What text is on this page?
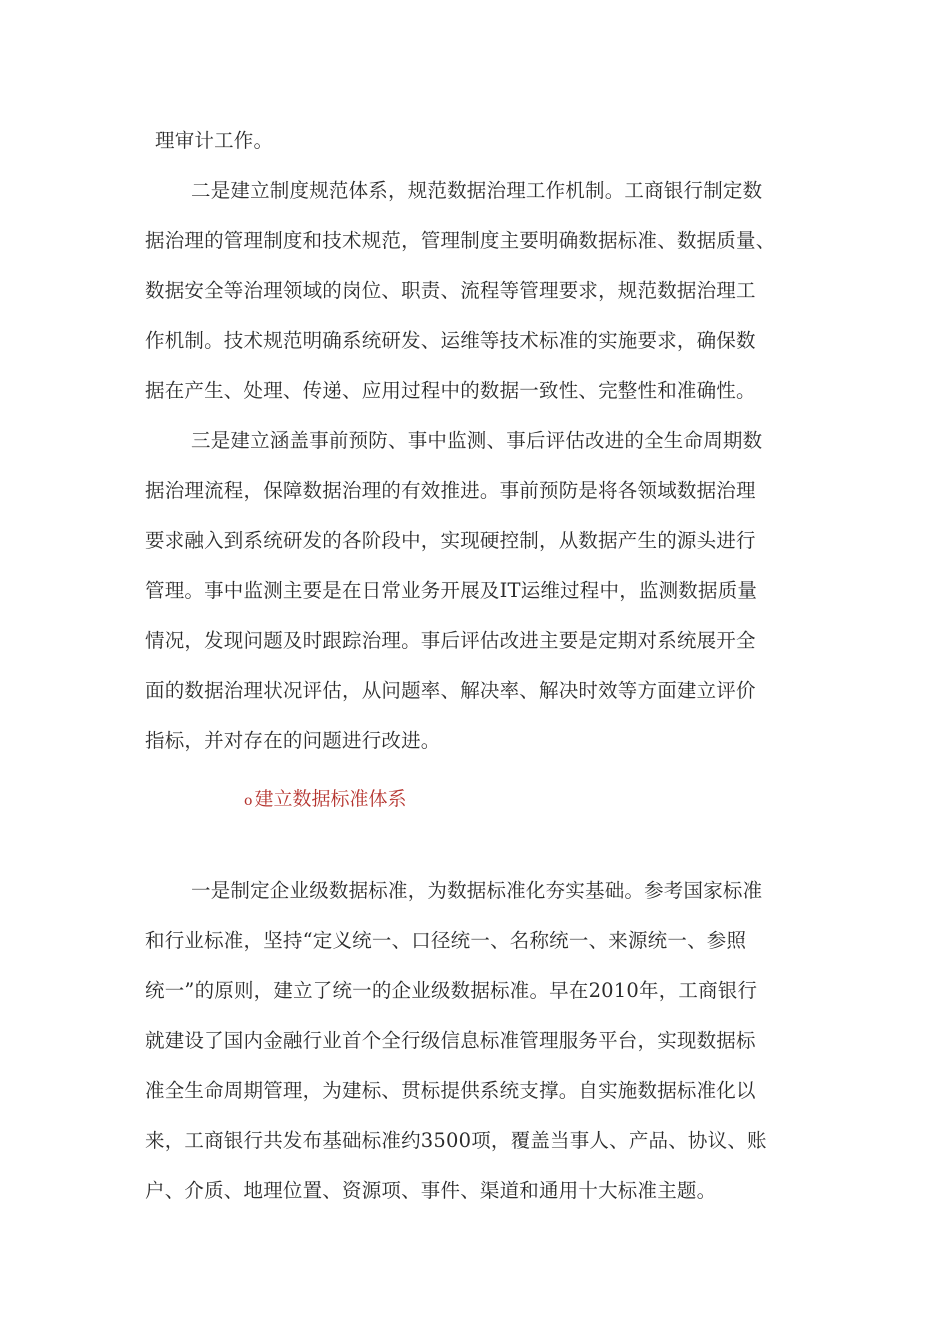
理审计工作。
二是建立制度规范体系，规范数据治理工作机制。工商银行制定数
据治理的管理制度和技术规范，管理制度主要明确数据标准、数据质量、
数据安全等治理领域的岗位、职责、流程等管理要求，规范数据治理工
作机制。技术规范明确系统研发、运维等技术标准的实施要求，确保数
据在产生、处理、传递、应用过程中的数据一致性、完整性和准确性。
三是建立涵盖事前预防、事中监测、事后评估改进的全生命周期数
据治理流程，保障数据治理的有效推进。事前预防是将各领域数据治理
要求融入到系统研发的各阶段中，实现硬控制，从数据产生的源头进行
管理。事中监测主要是在日常业务开展及IT运维过程中，监测数据质量
情况，发现问题及时跟踪治理。事后评估改进主要是定期对系统展开全
面的数据治理状况评估，从问题率、解决率、解决时效等方面建立评价
指标，并对存在的问题进行改进。
o 建立数据标准体系
一是制定企业级数据标准，为数据标准化夯实基础。参考国家标准
和行业标准，坚持“定义统一、口径统一、名称统一、来源统一、参照
统一”的原则，建立了统一的企业级数据标准。早在2010年，工商银行
就建设了国内金融行业首个全行级信息标准管理服务平台，实现数据标
准全生命周期管理，为建标、贯标提供系统支撑。自实施数据标准化以
来，工商银行共发布基础标准约3500项，覆盖当事人、产品、协议、账
户、介质、地理位置、资源项、事件、渠道和通用十大标准主题。
